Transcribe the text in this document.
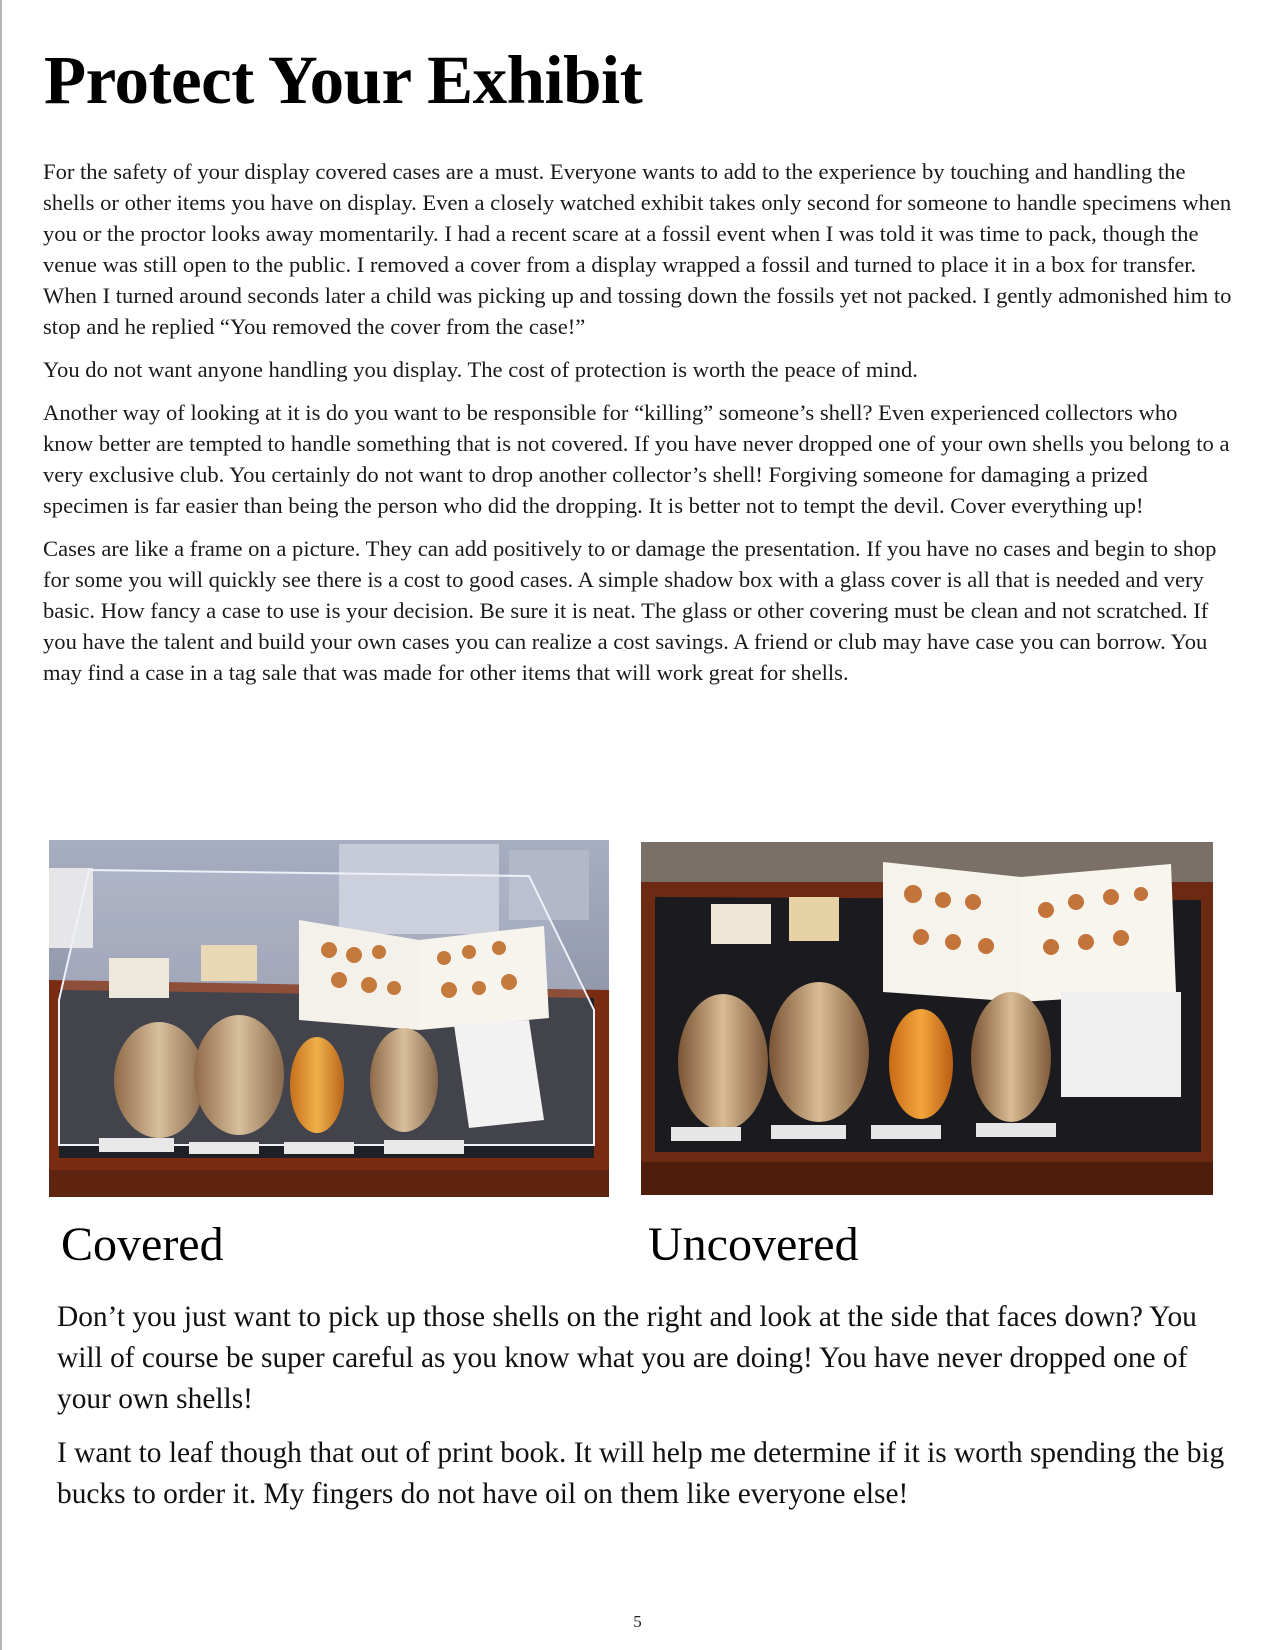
Protect Your Exhibit

For the safety of your display covered cases are a must. Everyone wants to add to the experience by touching and handling the shells or other items you have on display. Even a closely watched exhibit takes only second for someone to handle specimens when you or the proctor looks away momentarily. I had a recent scare at a fossil event when I was told it was time to pack, though the venue was still open to the public. I removed a cover from a display wrapped a fossil and turned to place it in a box for transfer. When I turned around seconds later a child was picking up and tossing down the fossils yet not packed. I gently admonished him to stop and he replied “You removed the cover from the case!”

You do not want anyone handling you display. The cost of protection is worth the peace of mind.

Another way of looking at it is do you want to be responsible for “killing” someone’s shell? Even experienced collectors who know better are tempted to handle something that is not covered. If you have never dropped one of your own shells you belong to a very exclusive club. You certainly do not want to drop another collector’s shell! Forgiving someone for damaging a prized specimen is far easier than being the person who did the dropping. It is better not to tempt the devil. Cover everything up!

Cases are like a frame on a picture. They can add positively to or damage the presentation. If you have no cases and begin to shop for some you will quickly see there is a cost to good cases. A simple shadow box with a glass cover is all that is needed and very basic. How fancy a case to use is your decision. Be sure it is neat. The glass or other covering must be clean and not scratched. If you have the talent and build your own cases you can realize a cost savings. A friend or club may have case you can borrow. You may find a case in a tag sale that was made for other items that will work great for shells.

Covered	Uncovered

Don’t you just want to pick up those shells on the right and look at the side that faces down? You will of course be super careful as you know what you are doing! You have never dropped one of your own shells!

I want to leaf though that out of print book. It will help me determine if it is worth spending the big bucks to order it. My fingers do not have oil on them like everyone else!

5
